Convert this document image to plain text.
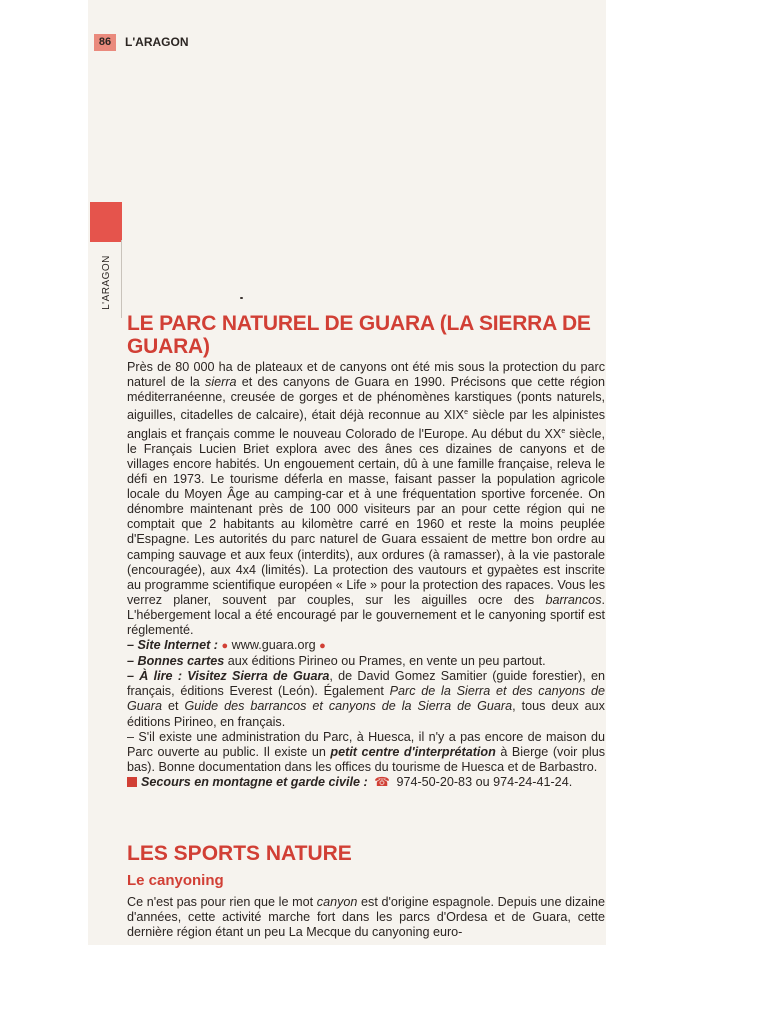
86	L'ARAGON
L'ARAGON
LE PARC NATUREL DE GUARA (LA SIERRA DE GUARA)

Près de 80 000 ha de plateaux et de canyons ont été mis sous la protection du parc naturel de la sierra et des canyons de Guara en 1990. Précisons que cette région méditerranéenne, creusée de gorges et de phénomènes karstiques (ponts naturels, aiguilles, citadelles de calcaire), était déjà reconnue au XIXe siècle par les alpinistes anglais et français comme le nouveau Colorado de l'Europe. Au début du XXe siècle, le Français Lucien Briet explora avec des ânes ces dizaines de canyons et de villages encore habités. Un engouement certain, dû à une famille française, releva le défi en 1973. Le tourisme déferla en masse, faisant passer la population agricole locale du Moyen Âge au camping-car et à une fréquentation sportive forcenée. On dénombre maintenant près de 100 000 visiteurs par an pour cette région qui ne comptait que 2 habitants au kilomètre carré en 1960 et reste la moins peuplée d'Espagne. Les autorités du parc naturel de Guara essaient de mettre bon ordre au camping sauvage et aux feux (interdits), aux ordures (à ramasser), à la vie pastorale (encouragée), aux 4x4 (limités). La protection des vautours et gypaètes est inscrite au programme scientifique européen « Life » pour la protection des rapaces. Vous les verrez planer, souvent par couples, sur les aiguilles ocre des barrancos. L'hébergement local a été encouragé par le gouvernement et le canyoning sportif est réglementé.

– Site Internet : ● www.guara.org ●

– Bonnes cartes aux éditions Pirineo ou Prames, en vente un peu partout.

– À lire : Visitez Sierra de Guara, de David Gomez Samitier (guide forestier), en français, éditions Everest (León). Également Parc de la Sierra et des canyons de Guara et Guide des barrancos et canyons de la Sierra de Guara, tous deux aux éditions Pirineo, en français.

– S'il existe une administration du Parc, à Huesca, il n'y a pas encore de maison du Parc ouverte au public. Il existe un petit centre d'interprétation à Bierge (voir plus bas). Bonne documentation dans les offices du tourisme de Huesca et de Barbastro.

Secours en montagne et garde civile : ☎ 974-50-20-83 ou 974-24-41-24.

LES SPORTS NATURE
Le canyoning

Ce n'est pas pour rien que le mot canyon est d'origine espagnole. Depuis une dizaine d'années, cette activité marche fort dans les parcs d'Ordesa et de Guara, cette dernière région étant un peu La Mecque du canyoning euro-
